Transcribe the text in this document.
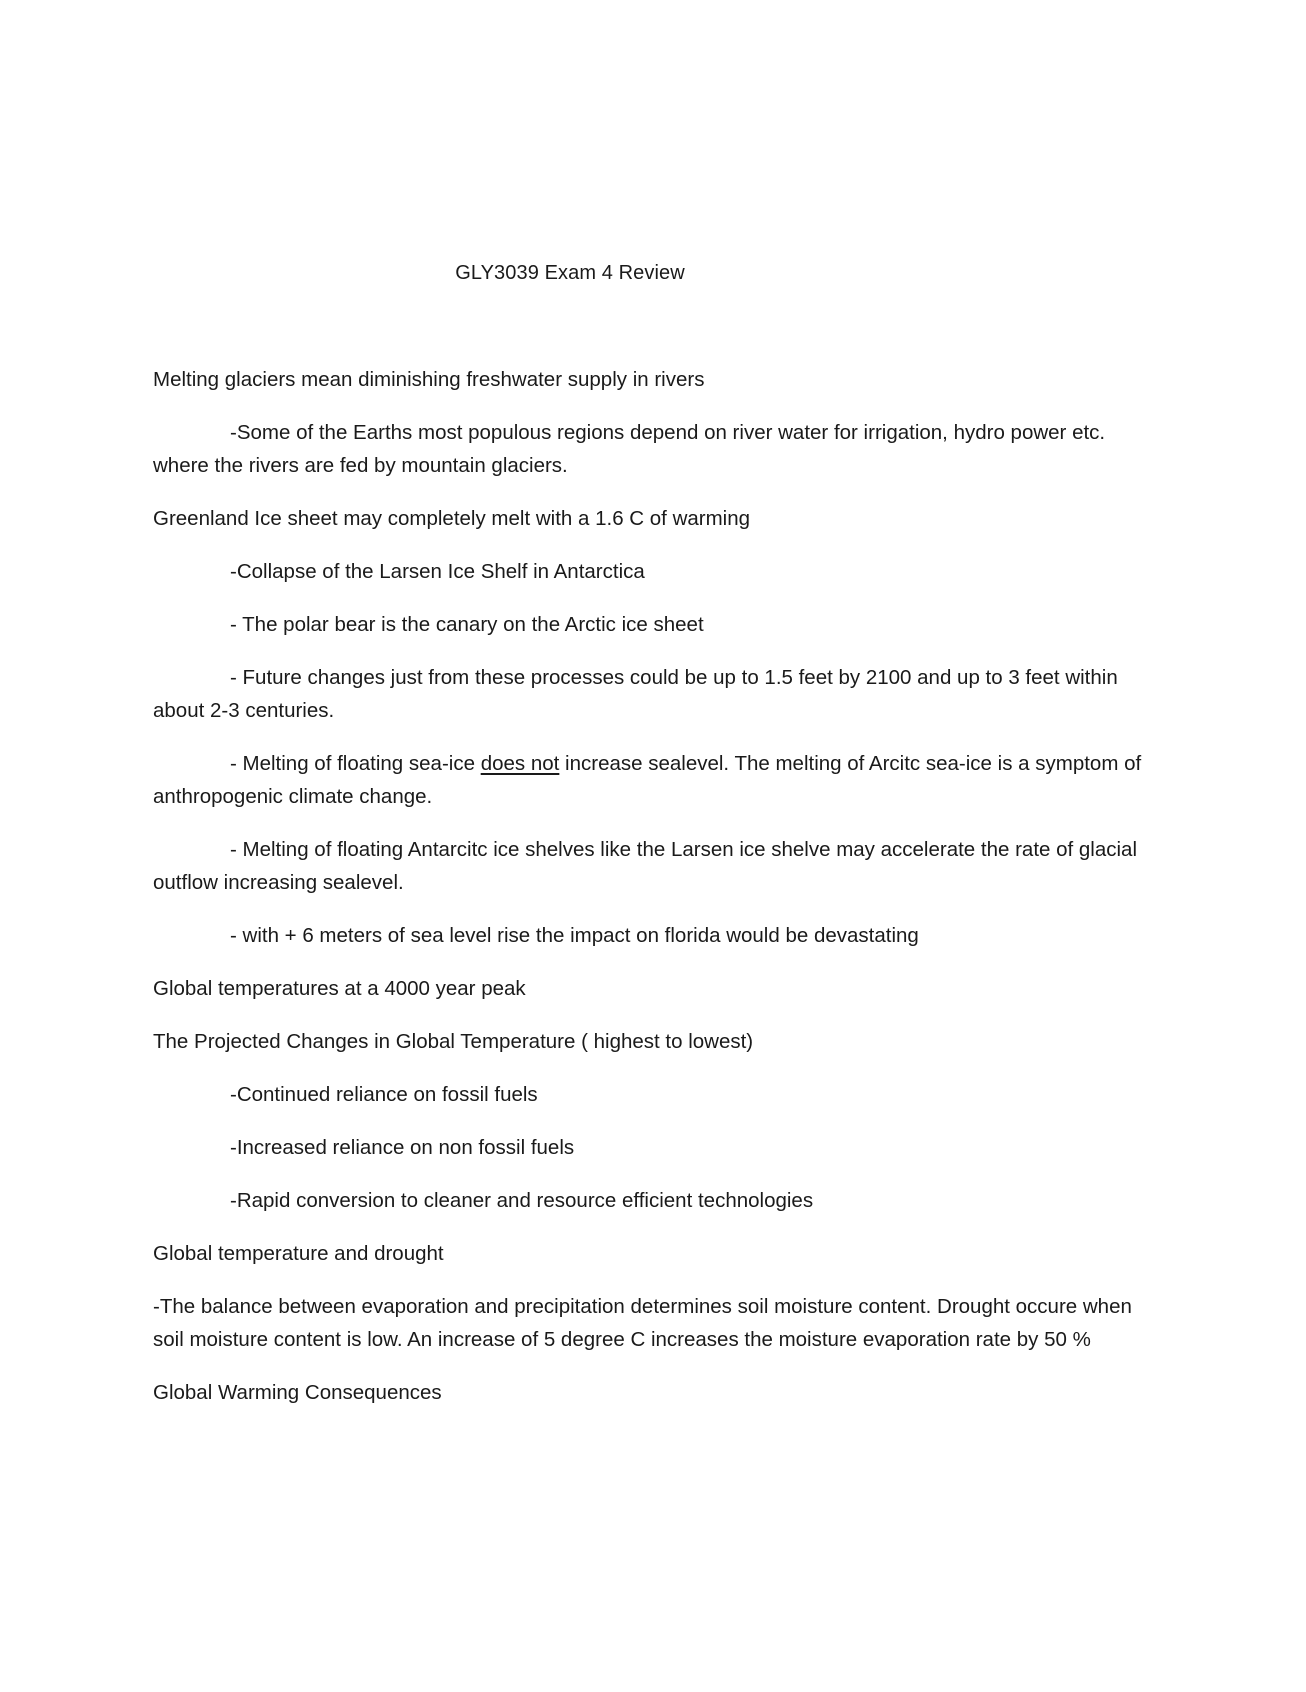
GLY3039 Exam 4 Review

Melting glaciers mean diminishing freshwater supply in rivers

-Some of the Earths most populous regions depend on river water for irrigation, hydro power etc. where the rivers are fed by mountain glaciers.

Greenland Ice sheet may completely melt with a 1.6 C of warming

-Collapse of the Larsen Ice Shelf in Antarctica

- The polar bear is the canary on the Arctic ice sheet

- Future changes just from these processes could be up to 1.5 feet by 2100 and up to 3 feet within about 2-3 centuries.

- Melting of floating sea-ice does not increase sealevel. The melting of Arcitc sea-ice is a symptom of anthropogenic climate change.

- Melting of floating Antarcitc ice shelves like the Larsen ice shelve may accelerate the rate of glacial outflow increasing sealevel.

- with + 6 meters of sea level rise the impact on florida would be devastating

Global temperatures at a 4000 year peak

The Projected Changes in Global Temperature ( highest to lowest)

-Continued reliance on fossil fuels

-Increased reliance on non fossil fuels

-Rapid conversion to cleaner and resource efficient technologies

Global temperature and drought

-The balance between evaporation and precipitation determines soil moisture content. Drought occure when soil moisture content is low. An increase of 5 degree C increases the moisture evaporation rate by 50 %

Global Warming Consequences
